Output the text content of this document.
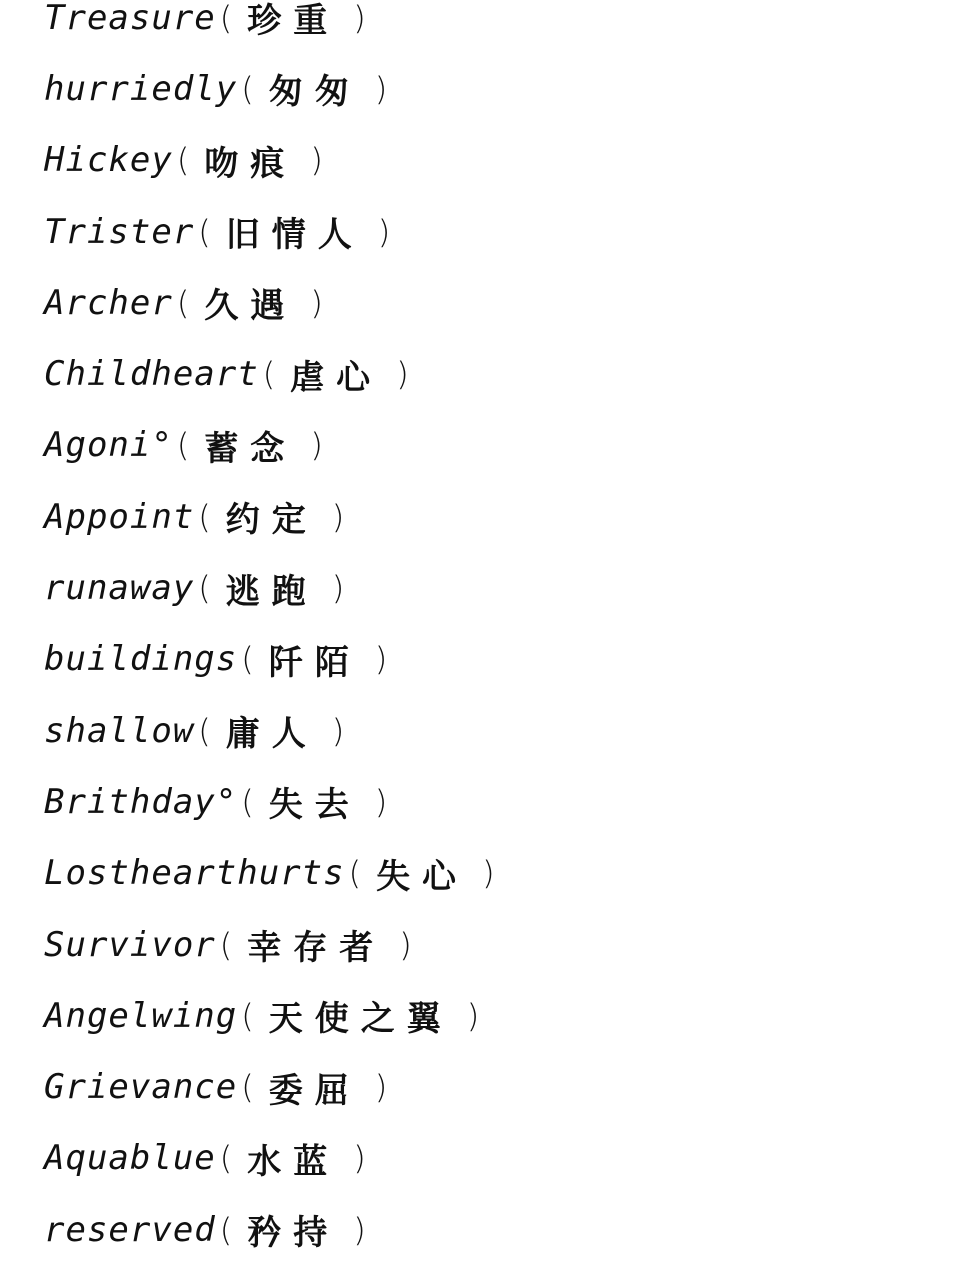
Treasure ( 珍重 )
hurriedly ( 匆匆 )
Hickey ( 吻痕 )
Trister ( 旧情人 )
Archer ( 久遇 )
Childheart ( 虐心 )
Agoni° ( 蓄念 )
Appoint ( 约定 )
runaway ( 逃跑 )
buildings ( 阡陌 )
shallow ( 庸人 )
Brithday° ( 失去 )
Losthearthurts ( 失心 )
Survivor ( 幸存者 )
Angelwing ( 天使之翼 )
Grievance ( 委屈 )
Aquablue ( 水蓝 )
reserved ( 矜持 )
